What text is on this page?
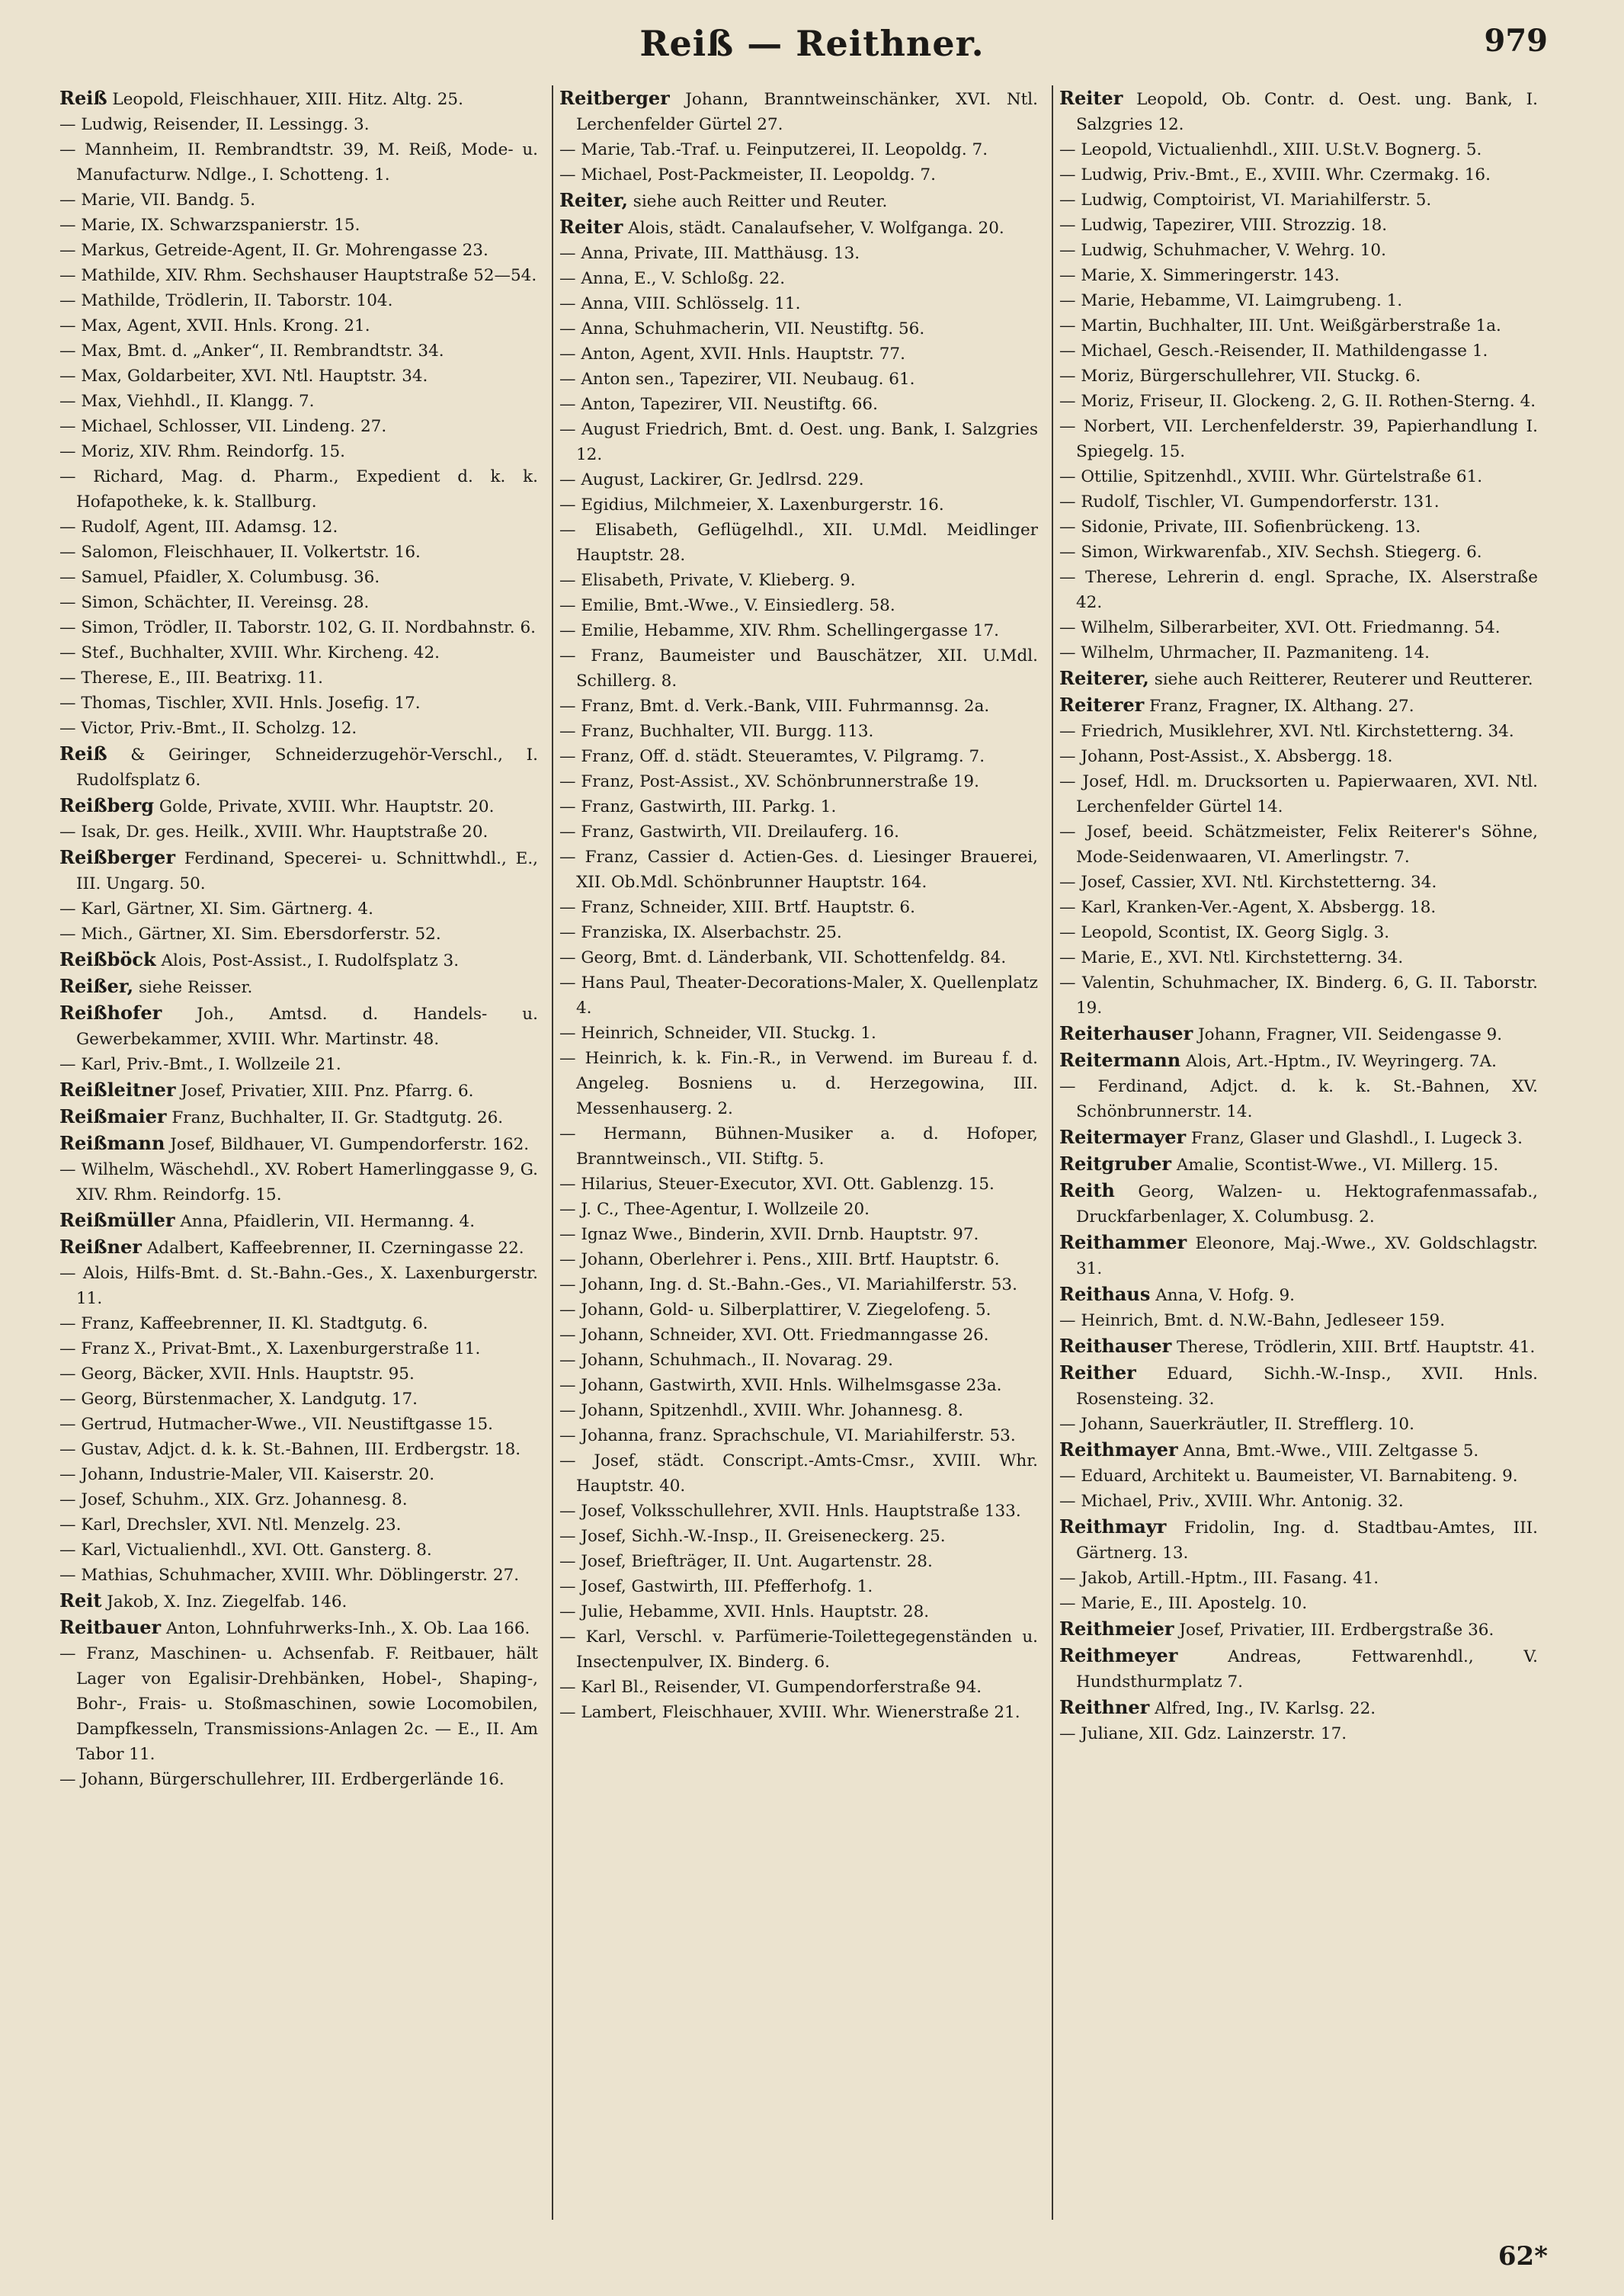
Reiß — Reithner.	979

Reiß Leopold, Fleischhauer, XIII. Hitz. Altg. 25.

— Ludwig, Reisender, II. Lessingg. 3.

— Mannheim, II. Rembrandtstr. 39, M. Reiß, Mode- u. Manufacturw. Ndlge., I. Schotteng. 1.

— Marie, VII. Bandg. 5.

— Marie, IX. Schwarzspanierstr. 15.

— Markus, Getreide-Agent, II. Gr. Mohrengasse 23.

— Mathilde, XIV. Rhm. Sechshauser Hauptstraße 52—54.

— Mathilde, Trödlerin, II. Taborstr. 104.

— Max, Agent, XVII. Hnls. Krong. 21.

— Max, Bmt. d. „Anker“, II. Rembrandtstr. 34.

— Max, Goldarbeiter, XVI. Ntl. Hauptstr. 34.

— Max, Viehhdl., II. Klangg. 7.

— Michael, Schlosser, VII. Lindeng. 27.

— Moriz, XIV. Rhm. Reindorfg. 15.

— Richard, Mag. d. Pharm., Expedient d. k. k. Hofapotheke, k. k. Stallburg.

— Rudolf, Agent, III. Adamsg. 12.

— Salomon, Fleischhauer, II. Volkertstr. 16.

— Samuel, Pfaidler, X. Columbusg. 36.

— Simon, Schächter, II. Vereinsg. 28.

— Simon, Trödler, II. Taborstr. 102, G. II. Nordbahnstr. 6.

— Stef., Buchhalter, XVIII. Whr. Kircheng. 42.

— Therese, E., III. Beatrixg. 11.

— Thomas, Tischler, XVII. Hnls. Josefig. 17.

— Victor, Priv.-Bmt., II. Scholzg. 12.

Reiß & Geiringer, Schneiderzugehör-Verschl., I. Rudolfsplatz 6.

Reißberg Golde, Private, XVIII. Whr. Hauptstr. 20.

— Isak, Dr. ges. Heilk., XVIII. Whr. Hauptstraße 20.

Reißberger Ferdinand, Specerei- u. Schnittwhdl., E., III. Ungarg. 50.

— Karl, Gärtner, XI. Sim. Gärtnerg. 4.

— Mich., Gärtner, XI. Sim. Ebersdorferstr. 52.

Reißböck Alois, Post-Assist., I. Rudolfsplatz 3.

Reißer, siehe Reisser.

Reißhofer Joh., Amtsd. d. Handels- u. Gewerbekammer, XVIII. Whr. Martinstr. 48.

— Karl, Priv.-Bmt., I. Wollzeile 21.

Reißleitner Josef, Privatier, XIII. Pnz. Pfarrg. 6.

Reißmaier Franz, Buchhalter, II. Gr. Stadtgutg. 26.

Reißmann Josef, Bildhauer, VI. Gumpendorferstr. 162.

— Wilhelm, Wäschehdl., XV. Robert Hamerlinggasse 9, G. XIV. Rhm. Reindorfg. 15.

Reißmüller Anna, Pfaidlerin, VII. Hermanng. 4.

Reißner Adalbert, Kaffeebrenner, II. Czerningasse 22.

— Alois, Hilfs-Bmt. d. St.-Bahn.-Ges., X. Laxenburgerstr. 11.

— Franz, Kaffeebrenner, II. Kl. Stadtgutg. 6.

— Franz X., Privat-Bmt., X. Laxenburgerstraße 11.

— Georg, Bäcker, XVII. Hnls. Hauptstr. 95.

— Georg, Bürstenmacher, X. Landgutg. 17.

— Gertrud, Hutmacher-Wwe., VII. Neustiftgasse 15.

— Gustav, Adjct. d. k. k. St.-Bahnen, III. Erdbergstr. 18.

— Johann, Industrie-Maler, VII. Kaiserstr. 20.

— Josef, Schuhm., XIX. Grz. Johannesg. 8.

— Karl, Drechsler, XVI. Ntl. Menzelg. 23.

— Karl, Victualienhdl., XVI. Ott. Gansterg. 8.

— Mathias, Schuhmacher, XVIII. Whr. Döblingerstr. 27.

Reit Jakob, X. Inz. Ziegelfab. 146.

Reitbauer Anton, Lohnfuhrwerks-Inh., X. Ob. Laa 166.

— Franz, Maschinen- u. Achsenfab. F. Reitbauer, hält Lager von Egalisir-Drehbänken, Hobel-, Shaping-, Bohr-, Frais- u. Stoßmaschinen, sowie Locomobilen, Dampfkesseln, Transmissions-Anlagen 2c. — E., II. Am Tabor 11.

— Johann, Bürgerschullehrer, III. Erdbergerlände 16.

Reitberger Johann, Branntweinschänker, XVI. Ntl. Lerchenfelder Gürtel 27.

— Marie, Tab.-Traf. u. Feinputzerei, II. Leopoldg. 7.

— Michael, Post-Packmeister, II. Leopoldg. 7.

Reiter, siehe auch Reitter und Reuter.

Reiter Alois, städt. Canalaufseher, V. Wolfganga. 20.

— Anna, Private, III. Matthäusg. 13.

— Anna, E., V. Schloßg. 22.

— Anna, VIII. Schlösselg. 11.

— Anna, Schuhmacherin, VII. Neustiftg. 56.

— Anton, Agent, XVII. Hnls. Hauptstr. 77.

— Anton sen., Tapezirer, VII. Neubaug. 61.

— Anton, Tapezirer, VII. Neustiftg. 66.

— August Friedrich, Bmt. d. Oest. ung. Bank, I. Salzgries 12.

— August, Lackirer, Gr. Jedlrsd. 229.

— Egidius, Milchmeier, X. Laxenburgerstr. 16.

— Elisabeth, Geflügelhdl., XII. U.Mdl. Meidlinger Hauptstr. 28.

— Elisabeth, Private, V. Klieberg. 9.

— Emilie, Bmt.-Wwe., V. Einsiedlerg. 58.

— Emilie, Hebamme, XIV. Rhm. Schellingergasse 17.

— Franz, Baumeister und Bauschätzer, XII. U.Mdl. Schillerg. 8.

— Franz, Bmt. d. Verk.-Bank, VIII. Fuhrmannsg. 2a.

— Franz, Buchhalter, VII. Burgg. 113.

— Franz, Off. d. städt. Steueramtes, V. Pilgramg. 7.

— Franz, Post-Assist., XV. Schönbrunnerstraße 19.

— Franz, Gastwirth, III. Parkg. 1.

— Franz, Gastwirth, VII. Dreilauferg. 16.

— Franz, Cassier d. Actien-Ges. d. Liesinger Brauerei, XII. Ob.Mdl. Schönbrunner Hauptstr. 164.

— Franz, Schneider, XIII. Brtf. Hauptstr. 6.

— Franziska, IX. Alserbachstr. 25.

— Georg, Bmt. d. Länderbank, VII. Schottenfeldg. 84.

— Hans Paul, Theater-Decorations-Maler, X. Quellenplatz 4.

— Heinrich, Schneider, VII. Stuckg. 1.

— Heinrich, k. k. Fin.-R., in Verwend. im Bureau f. d. Angeleg. Bosniens u. d. Herzegowina, III. Messenhauserg. 2.

— Hermann, Bühnen-Musiker a. d. Hofoper, Branntweinsch., VII. Stiftg. 5.

— Hilarius, Steuer-Executor, XVI. Ott. Gablenzg. 15.

— J. C., Thee-Agentur, I. Wollzeile 20.

— Ignaz Wwe., Binderin, XVII. Drnb. Hauptstr. 97.

— Johann, Oberlehrer i. Pens., XIII. Brtf. Hauptstr. 6.

— Johann, Ing. d. St.-Bahn.-Ges., VI. Mariahilferstr. 53.

— Johann, Gold- u. Silberplattirer, V. Ziegelofeng. 5.

— Johann, Schneider, XVI. Ott. Friedmanngasse 26.

— Johann, Schuhmach., II. Novarag. 29.

— Johann, Gastwirth, XVII. Hnls. Wilhelmsgasse 23a.

— Johann, Spitzenhdl., XVIII. Whr. Johannesg. 8.

— Johanna, franz. Sprachschule, VI. Mariahilferstr. 53.

— Josef, städt. Conscript.-Amts-Cmsr., XVIII. Whr. Hauptstr. 40.

— Josef, Volksschullehrer, XVII. Hnls. Hauptstraße 133.

— Josef, Sichh.-W.-Insp., II. Greiseneckerg. 25.

— Josef, Briefträger, II. Unt. Augartenstr. 28.

— Josef, Gastwirth, III. Pfefferhofg. 1.

— Julie, Hebamme, XVII. Hnls. Hauptstr. 28.

— Karl, Verschl. v. Parfümerie-Toilettegegenständen u. Insectenpulver, IX. Binderg. 6.

— Karl Bl., Reisender, VI. Gumpendorferstraße 94.

— Lambert, Fleischhauer, XVIII. Whr. Wienerstraße 21.

Reiter Leopold, Ob. Contr. d. Oest. ung. Bank, I. Salzgries 12.

— Leopold, Victualienhdl., XIII. U.St.V. Bognerg. 5.

— Ludwig, Priv.-Bmt., E., XVIII. Whr. Czermakg. 16.

— Ludwig, Comptoirist, VI. Mariahilferstr. 5.

— Ludwig, Tapezirer, VIII. Strozzig. 18.

— Ludwig, Schuhmacher, V. Wehrg. 10.

— Marie, X. Simmeringerstr. 143.

— Marie, Hebamme, VI. Laimgrubeng. 1.

— Martin, Buchhalter, III. Unt. Weißgärberstraße 1a.

— Michael, Gesch.-Reisender, II. Mathildengasse 1.

— Moriz, Bürgerschullehrer, VII. Stuckg. 6.

— Moriz, Friseur, II. Glockeng. 2, G. II. Rothen-Sterng. 4.

— Norbert, VII. Lerchenfelderstr. 39, Papierhandlung I. Spiegelg. 15.

— Ottilie, Spitzenhdl., XVIII. Whr. Gürtelstraße 61.

— Rudolf, Tischler, VI. Gumpendorferstr. 131.

— Sidonie, Private, III. Sofienbrückeng. 13.

— Simon, Wirkwarenfab., XIV. Sechsh. Stiegerg. 6.

— Therese, Lehrerin d. engl. Sprache, IX. Alserstraße 42.

— Wilhelm, Silberarbeiter, XVI. Ott. Friedmanng. 54.

— Wilhelm, Uhrmacher, II. Pazmaniteng. 14.

Reiterer, siehe auch Reitterer, Reuterer und Reutterer.

Reiterer Franz, Fragner, IX. Althang. 27.

— Friedrich, Musiklehrer, XVI. Ntl. Kirchstetterng. 34.

— Johann, Post-Assist., X. Absbergg. 18.

— Josef, Hdl. m. Drucksorten u. Papierwaaren, XVI. Ntl. Lerchenfelder Gürtel 14.

— Josef, beeid. Schätzmeister, Felix Reiterer's Söhne, Mode-Seidenwaaren, VI. Amerlingstr. 7.

— Josef, Cassier, XVI. Ntl. Kirchstetterng. 34.

— Karl, Kranken-Ver.-Agent, X. Absbergg. 18.

— Leopold, Scontist, IX. Georg Siglg. 3.

— Marie, E., XVI. Ntl. Kirchstetterng. 34.

— Valentin, Schuhmacher, IX. Binderg. 6, G. II. Taborstr. 19.

Reiterhauser Johann, Fragner, VII. Seidengasse 9.

Reitermann Alois, Art.-Hptm., IV. Weyringerg. 7A.

— Ferdinand, Adjct. d. k. k. St.-Bahnen, XV. Schönbrunnerstr. 14.

Reitermayer Franz, Glaser und Glashdl., I. Lugeck 3.

Reitgruber Amalie, Scontist-Wwe., VI. Millerg. 15.

Reith Georg, Walzen- u. Hektografenmassafab., Druckfarbenlager, X. Columbusg. 2.

Reithammer Eleonore, Maj.-Wwe., XV. Goldschlagstr. 31.

Reithaus Anna, V. Hofg. 9.

— Heinrich, Bmt. d. N.W.-Bahn, Jedleseer 159.

Reithauser Therese, Trödlerin, XIII. Brtf. Hauptstr. 41.

Reither Eduard, Sichh.-W.-Insp., XVII. Hnls. Rosensteing. 32.

— Johann, Sauerkräutler, II. Strefflerg. 10.

Reithmayer Anna, Bmt.-Wwe., VIII. Zeltgasse 5.

— Eduard, Architekt u. Baumeister, VI. Barnabiteng. 9.

— Michael, Priv., XVIII. Whr. Antonig. 32.

Reithmayr Fridolin, Ing. d. Stadtbau-Amtes, III. Gärtnerg. 13.

— Jakob, Artill.-Hptm., III. Fasang. 41.

— Marie, E., III. Apostelg. 10.

Reithmeier Josef, Privatier, III. Erdbergstraße 36.

Reithmeyer	Andreas, Fettwarenhdl., V. Hundsthurmplatz 7.

Reithner Alfred, Ing., IV. Karlsg. 22.

— Juliane, XII. Gdz. Lainzerstr. 17.

62*
